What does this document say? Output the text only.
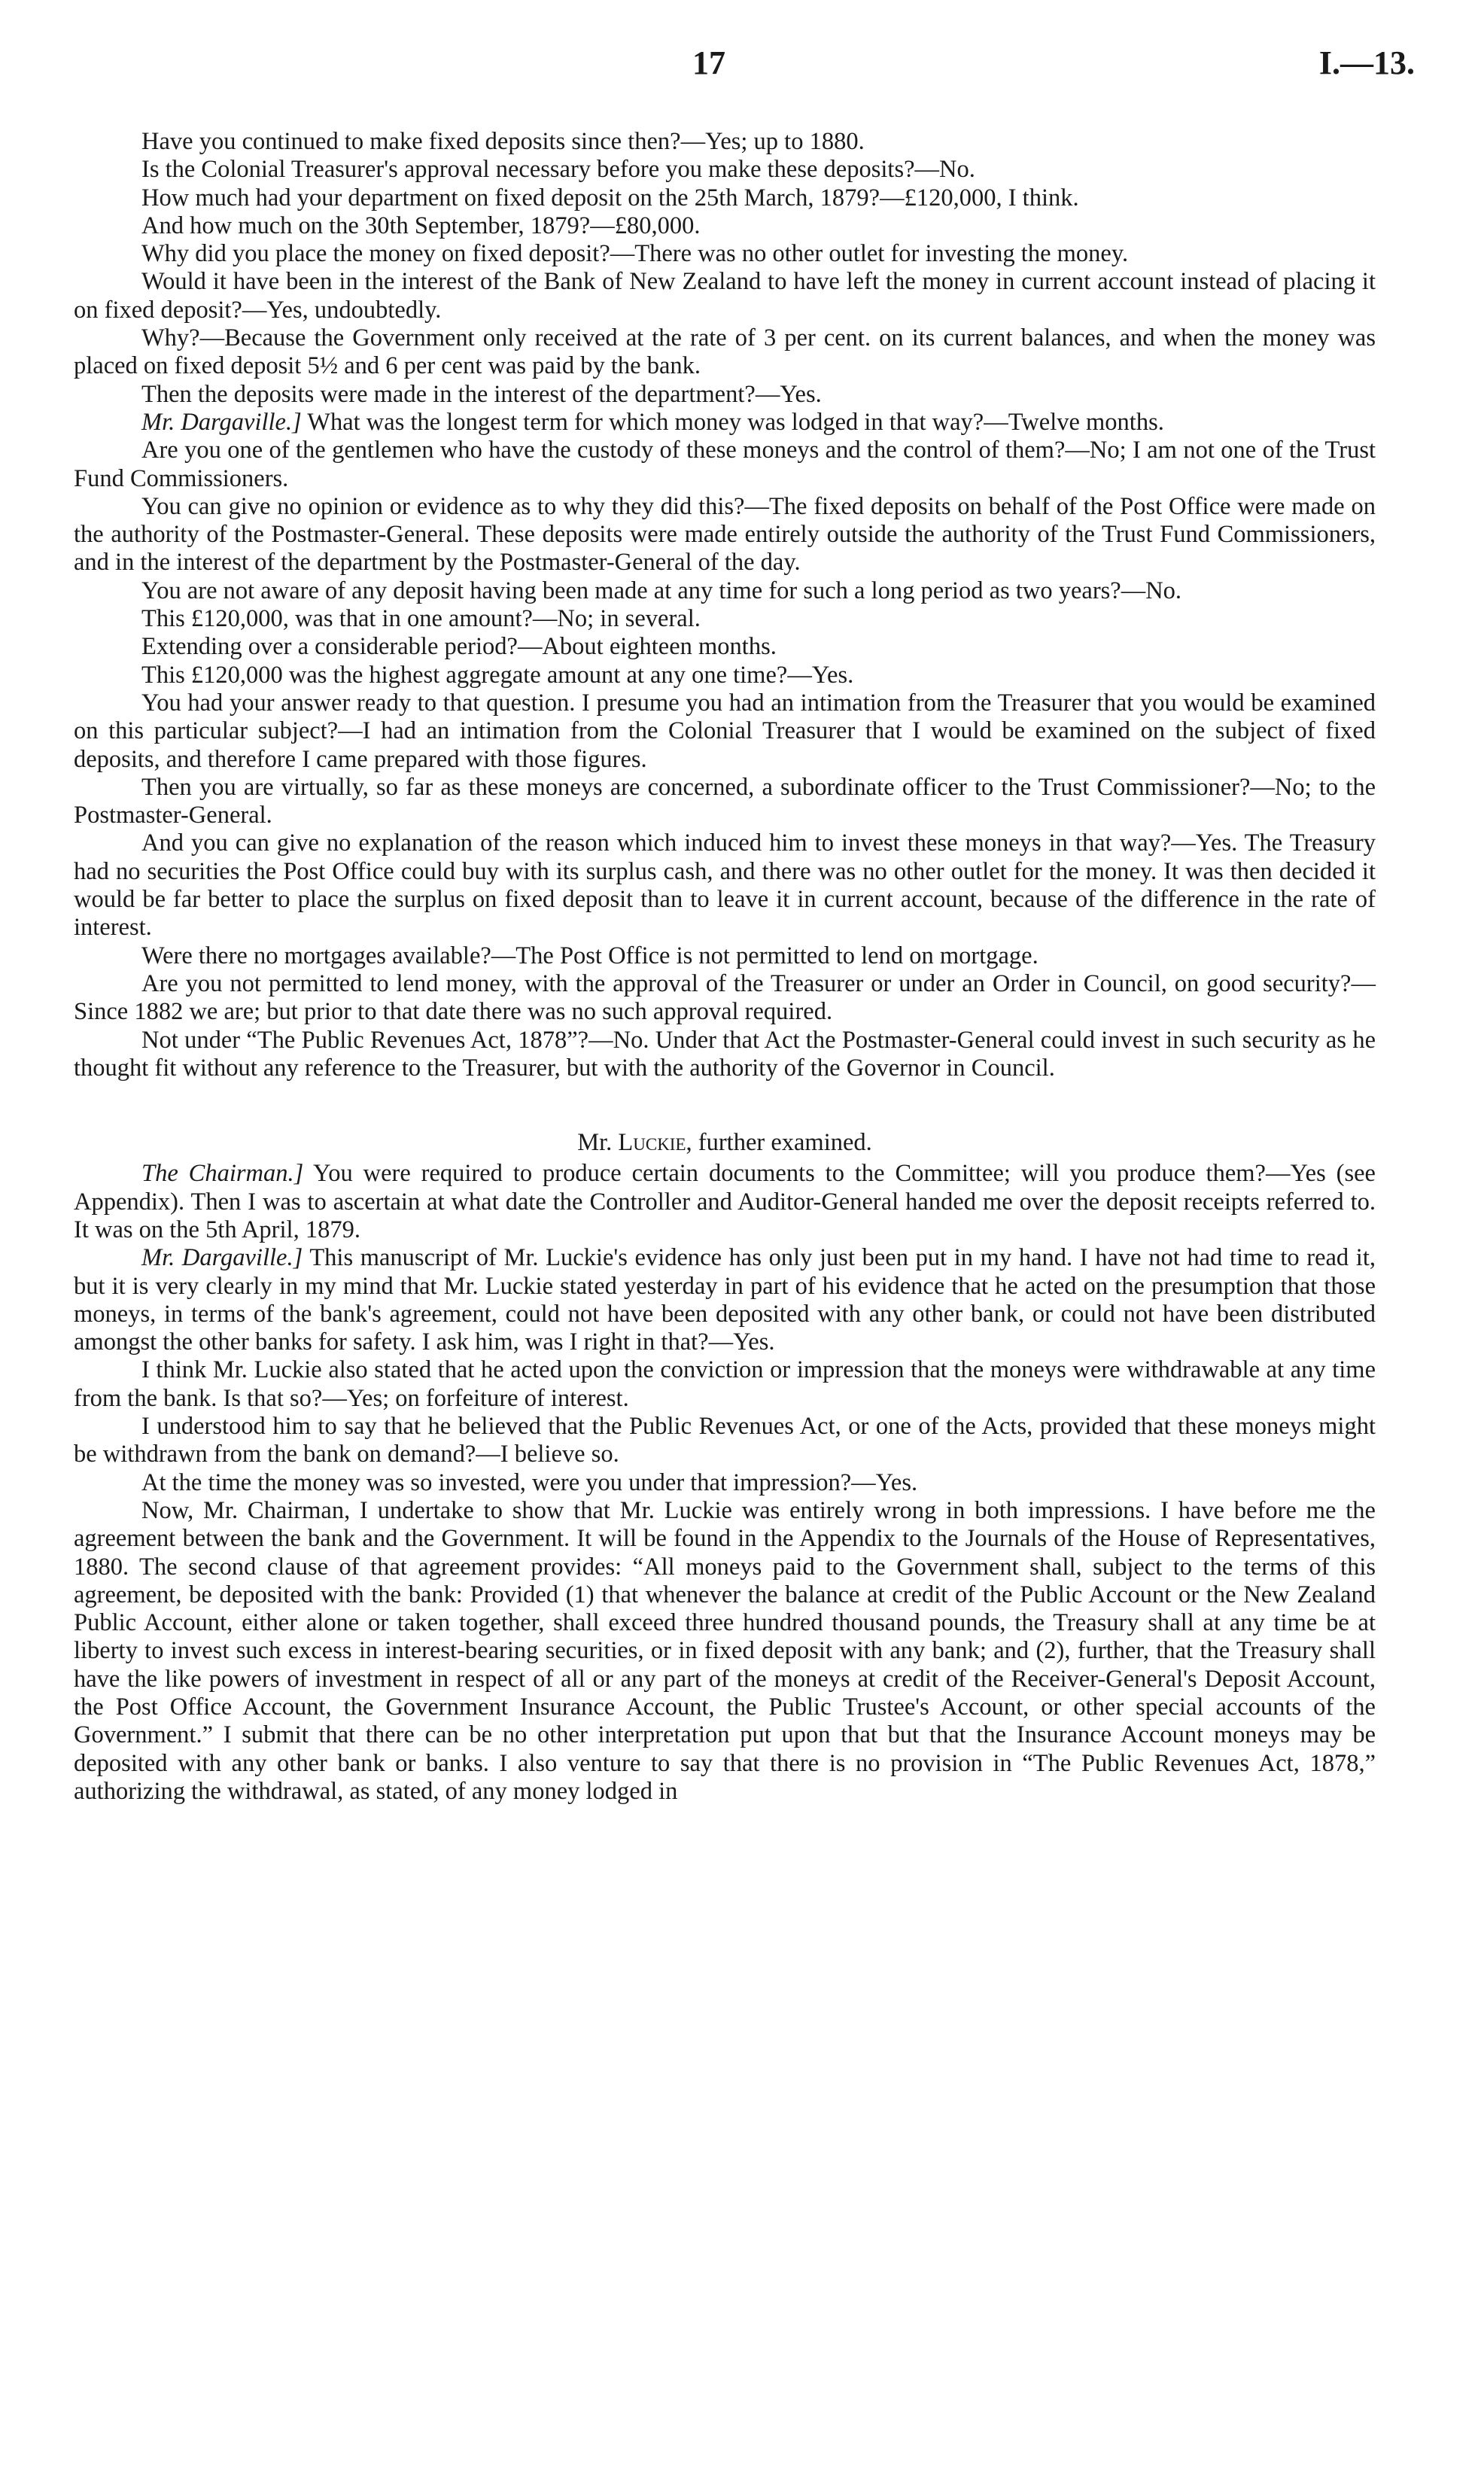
17	I.—13.

Have you continued to make fixed deposits since then?—Yes; up to 1880.

Is the Colonial Treasurer's approval necessary before you make these deposits?—No.

How much had your department on fixed deposit on the 25th March, 1879?—£120,000, I think.

And how much on the 30th September, 1879?—£80,000.

Why did you place the money on fixed deposit?—There was no other outlet for investing the money.

Would it have been in the interest of the Bank of New Zealand to have left the money in current account instead of placing it on fixed deposit?—Yes, undoubtedly.

Why?—Because the Government only received at the rate of 3 per cent. on its current balances, and when the money was placed on fixed deposit 5½ and 6 per cent was paid by the bank.

Then the deposits were made in the interest of the department?—Yes.

Mr. Dargaville.] What was the longest term for which money was lodged in that way?—Twelve months.

Are you one of the gentlemen who have the custody of these moneys and the control of them?—No; I am not one of the Trust Fund Commissioners.

You can give no opinion or evidence as to why they did this?—The fixed deposits on behalf of the Post Office were made on the authority of the Postmaster-General. These deposits were made entirely outside the authority of the Trust Fund Commissioners, and in the interest of the department by the Postmaster-General of the day.

You are not aware of any deposit having been made at any time for such a long period as two years?—No.

This £120,000, was that in one amount?—No; in several.

Extending over a considerable period?—About eighteen months.

This £120,000 was the highest aggregate amount at any one time?—Yes.

You had your answer ready to that question. I presume you had an intimation from the Treasurer that you would be examined on this particular subject?—I had an intimation from the Colonial Treasurer that I would be examined on the subject of fixed deposits, and therefore I came prepared with those figures.

Then you are virtually, so far as these moneys are concerned, a subordinate officer to the Trust Commissioner?—No; to the Postmaster-General.

And you can give no explanation of the reason which induced him to invest these moneys in that way?—Yes. The Treasury had no securities the Post Office could buy with its surplus cash, and there was no other outlet for the money. It was then decided it would be far better to place the surplus on fixed deposit than to leave it in current account, because of the difference in the rate of interest.

Were there no mortgages available?—The Post Office is not permitted to lend on mortgage.

Are you not permitted to lend money, with the approval of the Treasurer or under an Order in Council, on good security?—Since 1882 we are; but prior to that date there was no such approval required.

Not under “The Public Revenues Act, 1878”?—No. Under that Act the Postmaster-General could invest in such security as he thought fit without any reference to the Treasurer, but with the authority of the Governor in Council.

Mr. Luckie, further examined.

The Chairman.] You were required to produce certain documents to the Committee; will you produce them?—Yes (see Appendix). Then I was to ascertain at what date the Controller and Auditor-General handed me over the deposit receipts referred to. It was on the 5th April, 1879.

Mr. Dargaville.] This manuscript of Mr. Luckie's evidence has only just been put in my hand. I have not had time to read it, but it is very clearly in my mind that Mr. Luckie stated yesterday in part of his evidence that he acted on the presumption that those moneys, in terms of the bank's agreement, could not have been deposited with any other bank, or could not have been distributed amongst the other banks for safety. I ask him, was I right in that?—Yes.

I think Mr. Luckie also stated that he acted upon the conviction or impression that the moneys were withdrawable at any time from the bank. Is that so?—Yes; on forfeiture of interest.

I understood him to say that he believed that the Public Revenues Act, or one of the Acts, provided that these moneys might be withdrawn from the bank on demand?—I believe so.

At the time the money was so invested, were you under that impression?—Yes.

Now, Mr. Chairman, I undertake to show that Mr. Luckie was entirely wrong in both impressions. I have before me the agreement between the bank and the Government. It will be found in the Appendix to the Journals of the House of Representatives, 1880. The second clause of that agreement provides: “All moneys paid to the Government shall, subject to the terms of this agreement, be deposited with the bank: Provided (1) that whenever the balance at credit of the Public Account or the New Zealand Public Account, either alone or taken together, shall exceed three hundred thousand pounds, the Treasury shall at any time be at liberty to invest such excess in interest-bearing securities, or in fixed deposit with any bank; and (2), further, that the Treasury shall have the like powers of investment in respect of all or any part of the moneys at credit of the Receiver-General's Deposit Account, the Post Office Account, the Government Insurance Account, the Public Trustee's Account, or other special accounts of the Government.” I submit that there can be no other interpretation put upon that but that the Insurance Account moneys may be deposited with any other bank or banks. I also venture to say that there is no provision in “The Public Revenues Act, 1878,” authorizing the withdrawal, as stated, of any money lodged in
